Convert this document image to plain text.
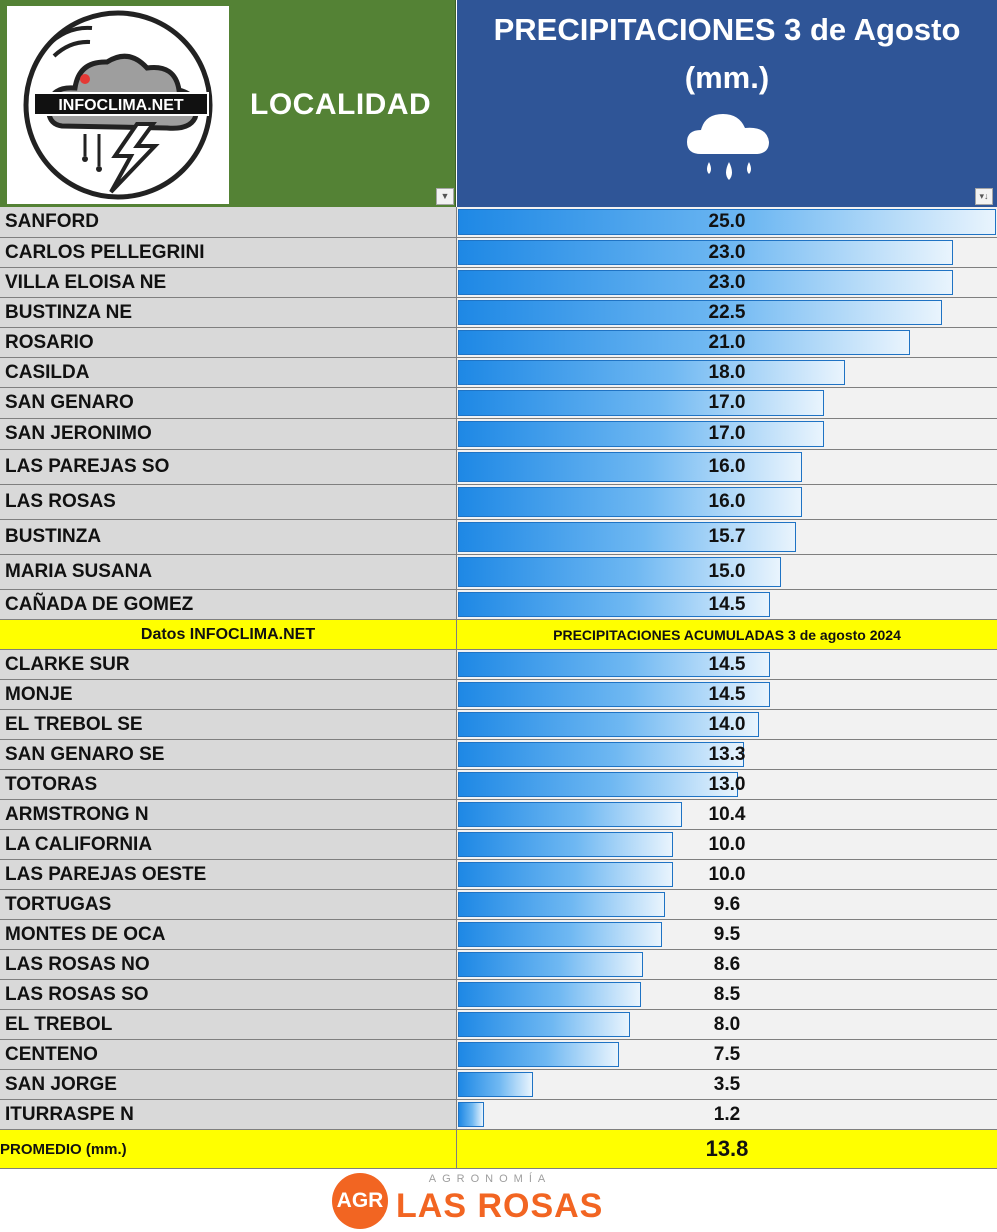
INFOCLIMA.NET	LOCALIDAD
▼
PRECIPITACIONES 3 de Agosto
(mm.)
▾↓
SANFORD	25.0
CARLOS PELLEGRINI	23.0
VILLA ELOISA NE	23.0
BUSTINZA NE	22.5
ROSARIO	21.0
CASILDA	18.0
SAN GENARO	17.0
SAN JERONIMO	17.0
LAS PAREJAS SO	16.0
LAS ROSAS	16.0
BUSTINZA	15.7
MARIA SUSANA	15.0
CAÑADA DE GOMEZ	14.5
Datos INFOCLIMA.NET	PRECIPITACIONES ACUMULADAS 3 de agosto 2024
CLARKE SUR	14.5
MONJE	14.5
EL TREBOL SE	14.0
SAN GENARO SE	13.3
TOTORAS	13.0
ARMSTRONG N	10.4
LA CALIFORNIA	10.0
LAS PAREJAS OESTE	10.0
TORTUGAS	9.6
MONTES DE OCA	9.5
LAS ROSAS NO	8.6
LAS ROSAS SO	8.5
EL TREBOL	8.0
CENTENO	7.5
SAN JORGE	3.5
ITURRASPE N	1.2
PROMEDIO (mm.)	13.8
AGR
AGRONOMÍA
LAS ROSAS
